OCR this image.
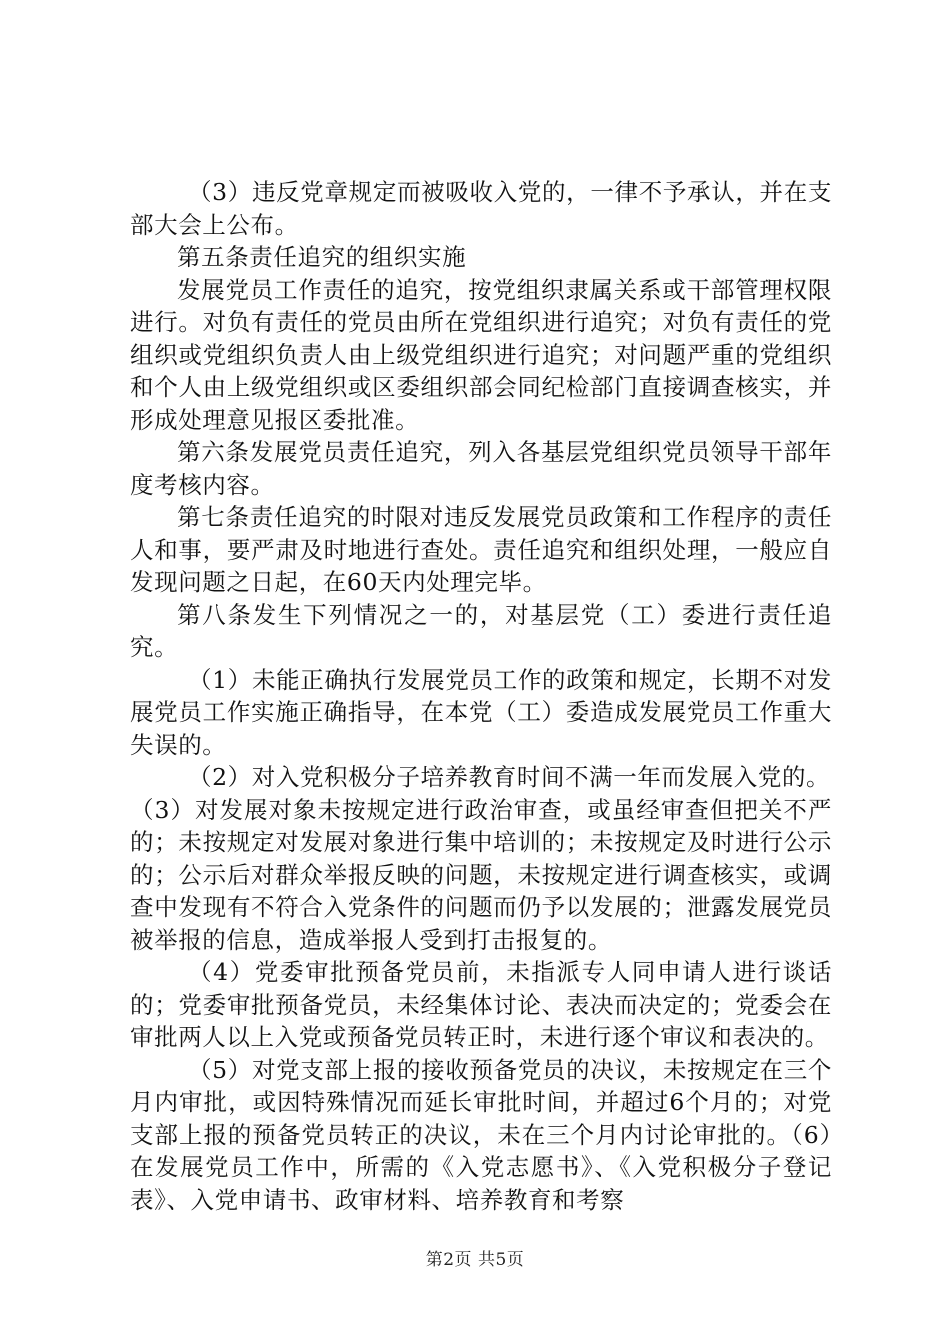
（3）违反党章规定而被吸收入党的，一律不予承认，并在支部大会上公布。

第五条责任追究的组织实施

发展党员工作责任的追究，按党组织隶属关系或干部管理权限进行。对负有责任的党员由所在党组织进行追究；对负有责任的党组织或党组织负责人由上级党组织进行追究；对问题严重的党组织和个人由上级党组织或区委组织部会同纪检部门直接调查核实，并形成处理意见报区委批准。

第六条发展党员责任追究，列入各基层党组织党员领导干部年度考核内容。

第七条责任追究的时限对违反发展党员政策和工作程序的责任人和事，要严肃及时地进行查处。责任追究和组织处理，一般应自发现问题之日起，在60天内处理完毕。

第八条发生下列情况之一的，对基层党（工）委进行责任追究。

（1）未能正确执行发展党员工作的政策和规定，长期不对发展党员工作实施正确指导，在本党（工）委造成发展党员工作重大失误的。

（2）对入党积极分子培养教育时间不满一年而发展入党的。

（3）对发展对象未按规定进行政治审查，或虽经审查但把关不严的；未按规定对发展对象进行集中培训的；未按规定及时进行公示的；公示后对群众举报反映的问题，未按规定进行调查核实，或调查中发现有不符合入党条件的问题而仍予以发展的；泄露发展党员被举报的信息，造成举报人受到打击报复的。

（4）党委审批预备党员前，未指派专人同申请人进行谈话的；党委审批预备党员，未经集体讨论、表决而决定的；党委会在审批两人以上入党或预备党员转正时，未进行逐个审议和表决的。

（5）对党支部上报的接收预备党员的决议，未按规定在三个月内审批，或因特殊情况而延长审批时间，并超过6个月的；对党支部上报的预备党员转正的决议，未在三个月内讨论审批的。（6）在发展党员工作中，所需的《入党志愿书》、《入党积极分子登记表》、入党申请书、政审材料、培养教育和考察

第2页 共5页
